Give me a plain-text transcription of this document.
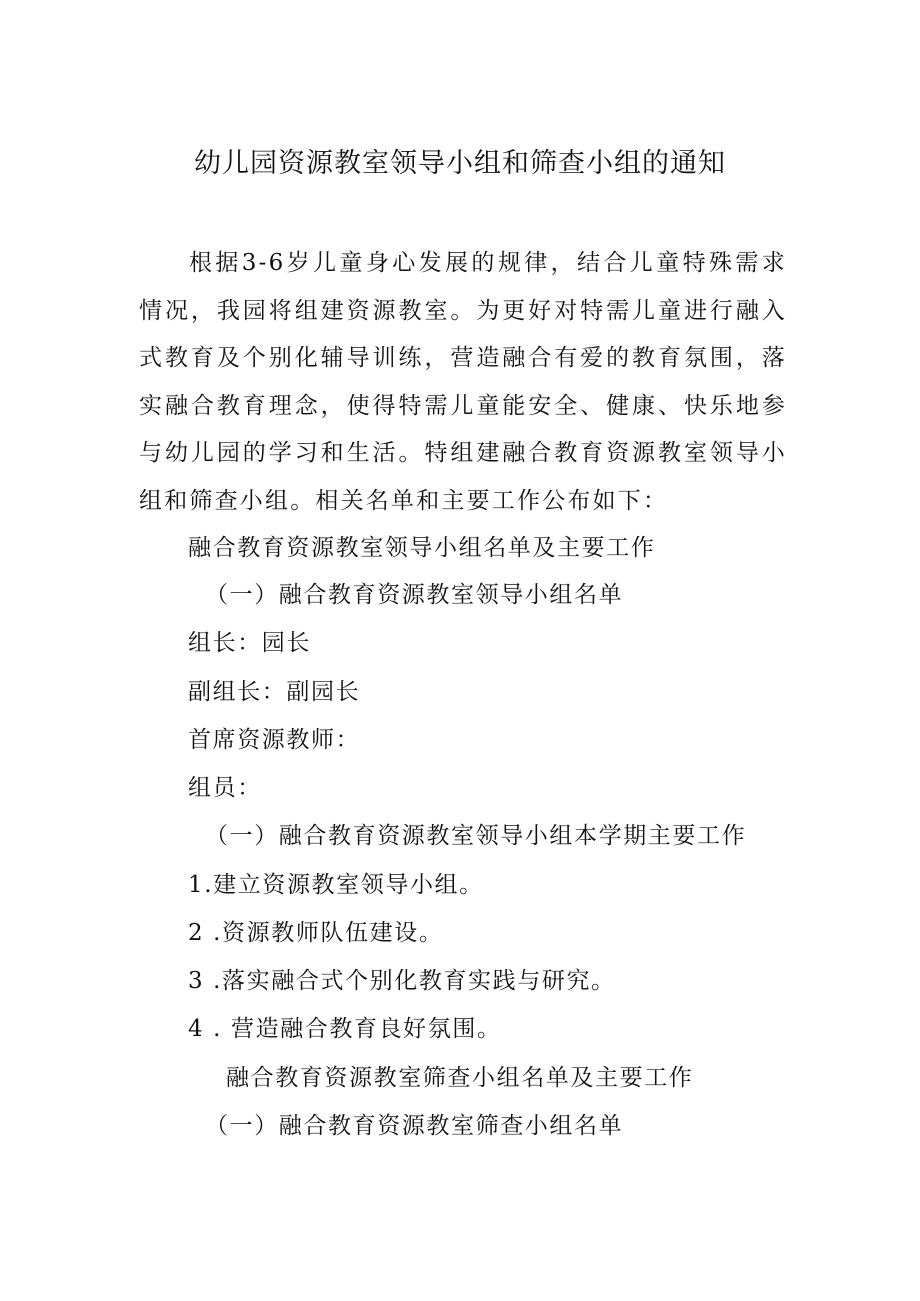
幼儿园资源教室领导小组和筛查小组的通知

根据3-6岁儿童身心发展的规律，结合儿童特殊需求情况，我园将组建资源教室。为更好对特需儿童进行融入式教育及个别化辅导训练，营造融合有爱的教育氛围，落实融合教育理念，使得特需儿童能安全、健康、快乐地参与幼儿园的学习和生活。特组建融合教育资源教室领导小组和筛查小组。相关名单和主要工作公布如下：

融合教育资源教室领导小组名单及主要工作

（一）融合教育资源教室领导小组名单

组长：园长

副组长：副园长

首席资源教师：

组员：

（一）融合教育资源教室领导小组本学期主要工作

1.建立资源教室领导小组。

2 .资源教师队伍建设。

3 .落实融合式个别化教育实践与研究。

4 . 营造融合教育良好氛围。

融合教育资源教室筛查小组名单及主要工作

（一）融合教育资源教室筛查小组名单
